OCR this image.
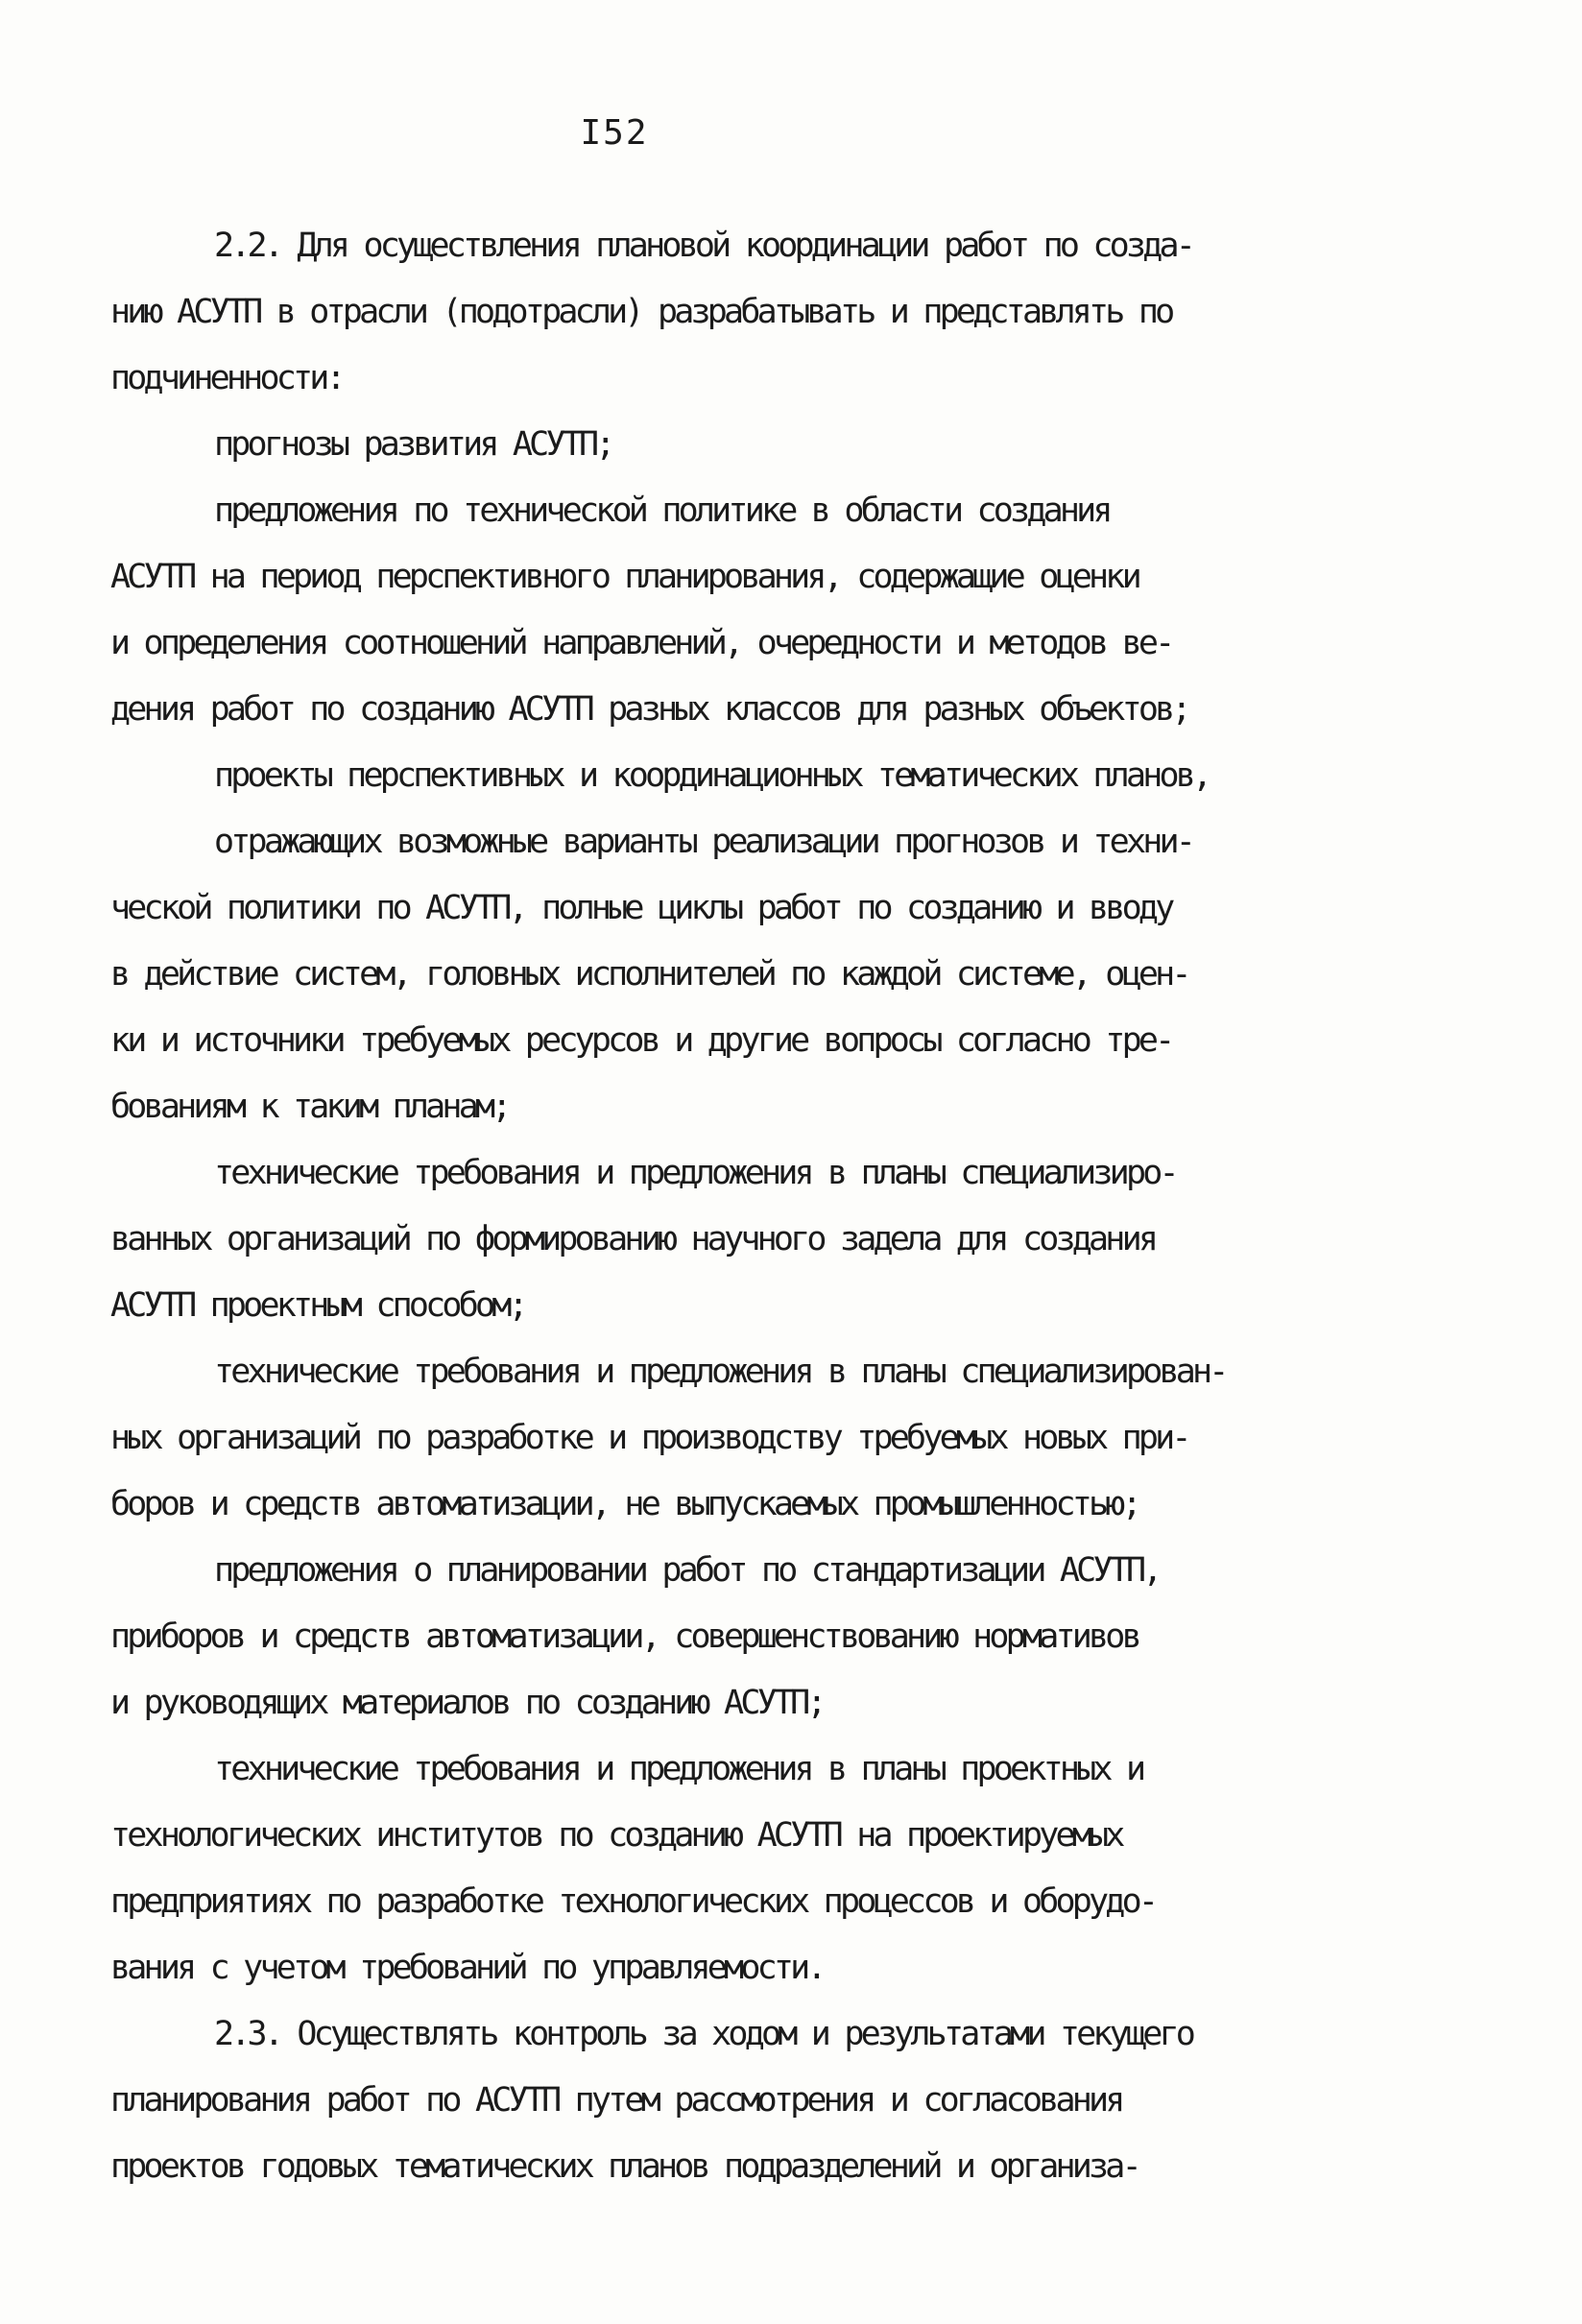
I52
2.2. Для осуществления плановой координации работ по созда-
нию АСУТП в отрасли (подотрасли) разрабатывать и представлять по
подчиненности:
прогнозы развития АСУТП;
предложения по технической политике в области создания
АСУТП на период перспективного планирования, содержащие оценки
и определения соотношений направлений, очередности и методов ве-
дения работ по созданию АСУТП разных классов для разных объектов;
проекты перспективных и координационных тематических планов,
отражающих возможные варианты реализации прогнозов и техни-
ческой политики по АСУТП, полные циклы работ по созданию и вводу
в действие систем, головных исполнителей по каждой системе, оцен-
ки и источники требуемых ресурсов и другие вопросы согласно тре-
бованиям к таким планам;
технические требования и предложения в планы специализиро-
ванных организаций по формированию научного задела для создания
АСУТП проектным способом;
технические требования и предложения в планы специализирован-
ных организаций по разработке и производству требуемых новых при-
боров и средств автоматизации, не выпускаемых промышленностью;
предложения о планировании работ по стандартизации АСУТП,
приборов и средств автоматизации, совершенствованию нормативов
и руководящих материалов по созданию АСУТП;
технические требования и предложения в планы проектных и
технологических институтов по созданию АСУТП на проектируемых
предприятиях по разработке технологических процессов и оборудо-
вания с учетом требований по управляемости.
2.3. Осуществлять контроль за ходом и результатами текущего
планирования работ по АСУТП путем рассмотрения и согласования
проектов годовых тематических планов подразделений и организа-
